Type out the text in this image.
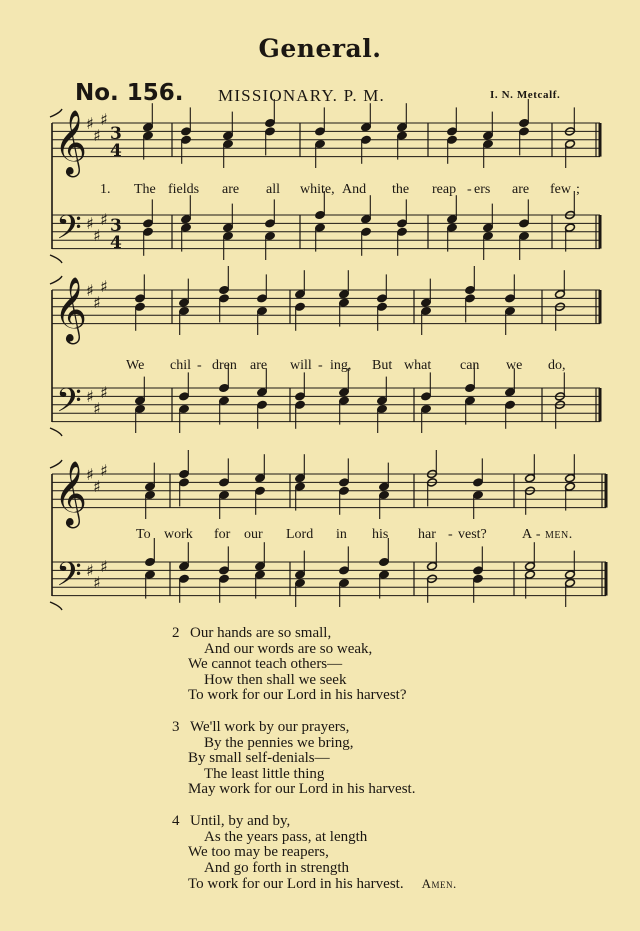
General.
No. 156. MISSIONARY. P. M.	I. N. Metcalf.
𝄞
𝄢
♯
♯
♯
♯
♯
♯
3
4
3
4
𝄞
𝄢
♯
♯
♯
♯
♯
♯
𝄞
𝄢
♯
♯
♯
♯
♯
♯
1. The fields are all white, And the reap - ers are few ;
We chil - dren are will - ing, But what can we do,
To work for our Lord in his har - vest?	A - men.
2 Our hands are so small,
And our words are so weak,
We cannot teach others—
How then shall we seek
To work for our Lord in his harvest?
3 We'll work by our prayers,
By the pennies we bring,
By small self-denials—
The least little thing
May work for our Lord in his harvest.
4 Until, by and by,
As the years pass, at length
We too may be reapers,
And go forth in strength
To work for our Lord in his harvest. Amen.
